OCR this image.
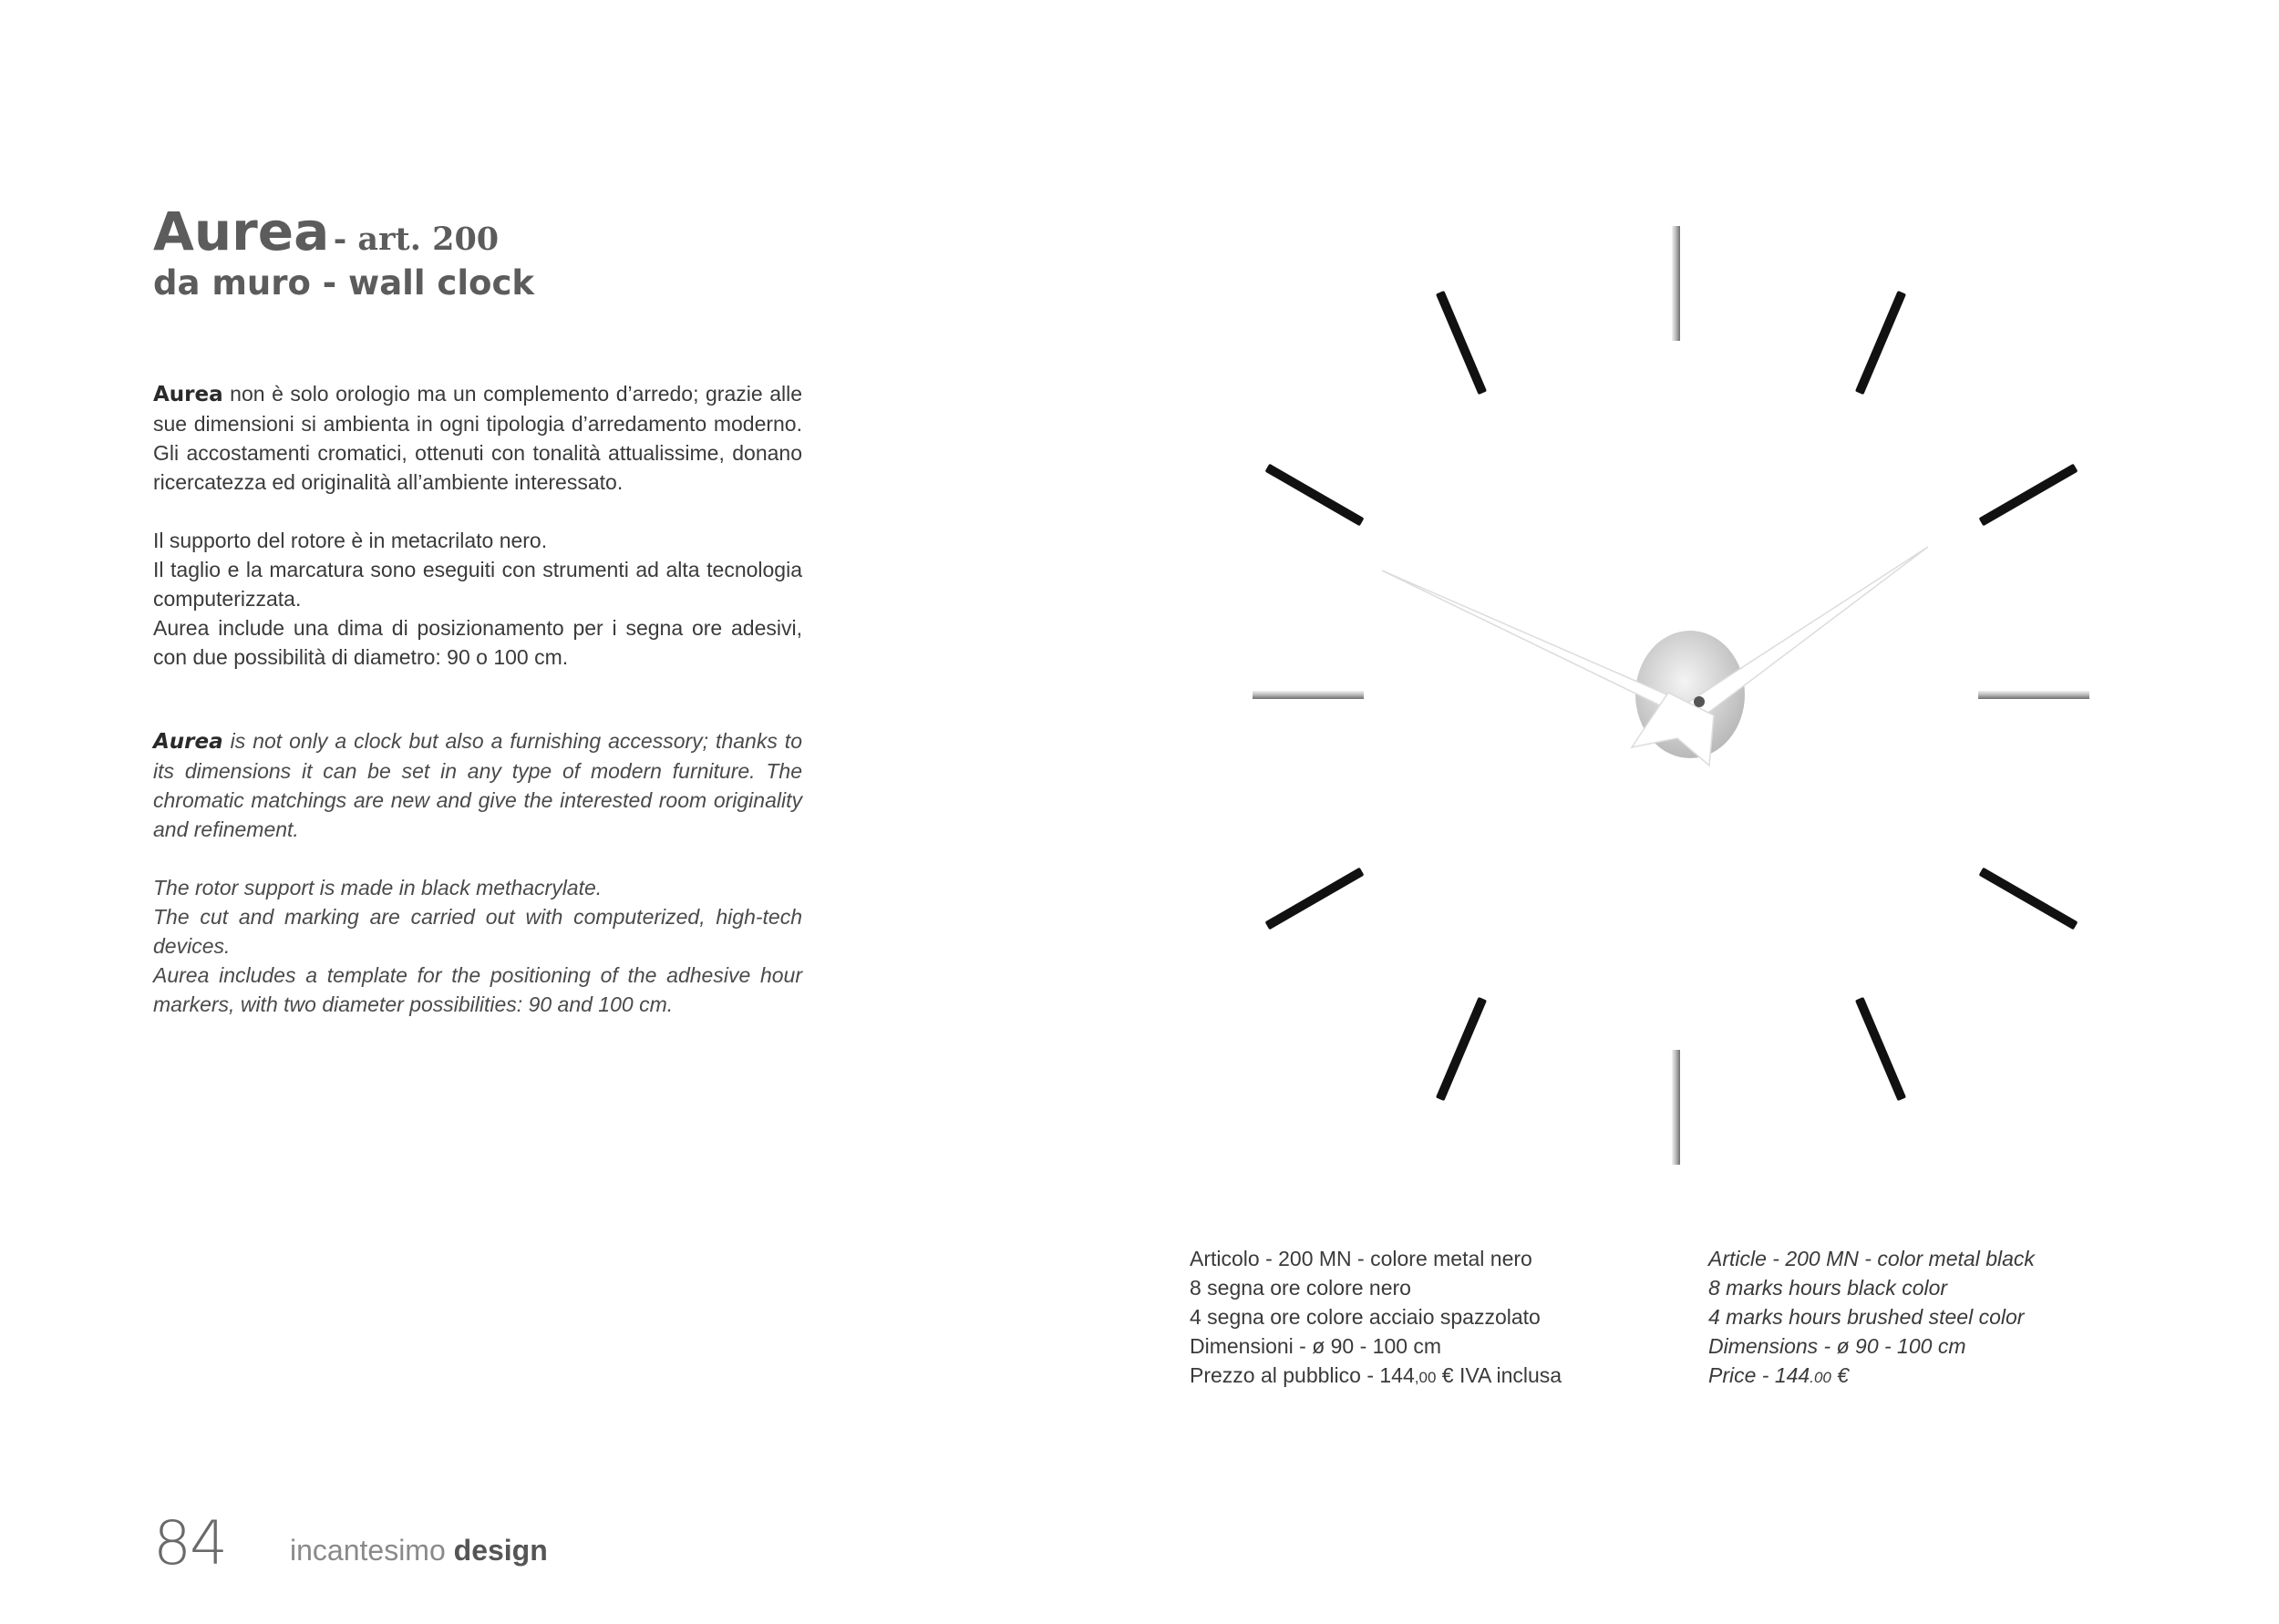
Aurea - art. 200
da muro - wall clock

Aurea non è solo orologio ma un complemento d’arredo; grazie alle sue dimensioni si ambienta in ogni tipologia d’arredamento moderno. Gli accostamenti cromatici, ottenuti con tonalità attualissime, donano ricercatezza ed originalità all’ambiente interessato.

Il supporto del rotore è in metacrilato nero.

Il taglio e la marcatura sono eseguiti con strumenti ad alta tecnologia computerizzata.

Aurea include una dima di posizionamento per i segna ore adesivi, con due possibilità di diametro: 90 o 100 cm.

Aurea is not only a clock but also a furnishing accessory; thanks to its dimensions it can be set in any type of modern furniture. The chromatic matchings are new and give the interested room originality and refinement.

The rotor support is made in black methacrylate.

The cut and marking are carried out with computerized, high-tech devices.

Aurea includes a template for the positioning of the adhesive hour markers, with two diameter possibilities: 90 and 100 cm.

Articolo - 200 MN - colore metal nero
8 segna ore colore nero
4 segna ore colore acciaio spazzolato
Dimensioni - ø 90 - 100 cm
Prezzo al pubblico - 144,00 € IVA inclusa
Article - 200 MN - color metal black
8 marks hours black color
4 marks hours brushed steel color
Dimensions - ø 90 - 100 cm
Price - 144.00 €
84 incantesimo design
